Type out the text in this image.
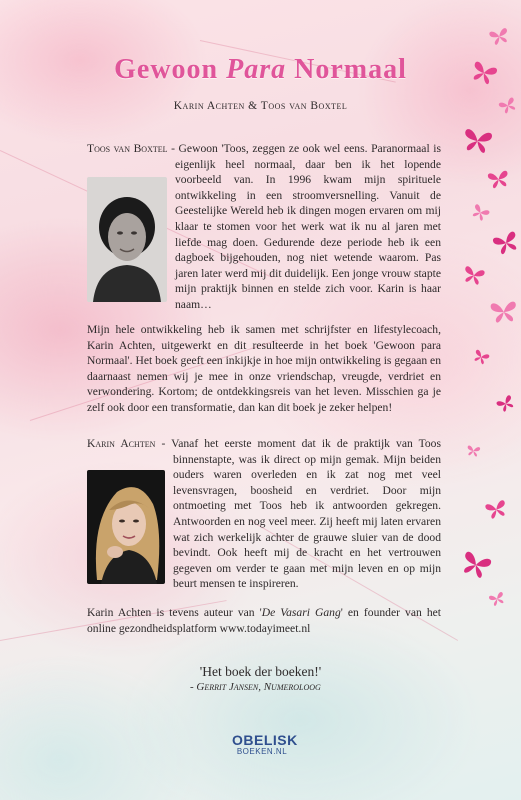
Gewoon Para Normaal
Karin Achten & Toos van Boxtel
Toos van Boxtel - Gewoon 'Toos, zeggen ze ook wel eens. Paranormaal is eigenlijk heel normaal, daar ben ik het lopende voorbeeld van. In 1996 kwam mijn spirituele ontwikkeling in een stroomversnelling. Vanuit de Geestelijke Wereld heb ik dingen mogen ervaren om mij klaar te stomen voor het werk wat ik nu al jaren met liefde mag doen. Gedurende deze periode heb ik een dagboek bijgehouden, nog niet wetende waarom. Pas jaren later werd mij dit duidelijk. Een jonge vrouw stapte mijn praktijk binnen en stelde zich voor. Karin is haar naam…
Mijn hele ontwikkeling heb ik samen met schrijfster en lifestylecoach, Karin Achten, uitgewerkt en dit resulteerde in het boek 'Gewoon para Normaal'. Het boek geeft een inkijkje in hoe mijn ontwikkeling is gegaan en daarnaast nemen wij je mee in onze vriendschap, vreugde, verdriet en verwondering. Kortom; de ontdekkingsreis van het leven. Misschien ga je zelf ook door een transformatie, dan kan dit boek je zeker helpen!
Karin Achten - Vanaf het eerste moment dat ik de praktijk van Toos binnenstapte, was ik direct op mijn gemak. Mijn beiden ouders waren overleden en ik zat nog met veel levensvragen, boosheid en verdriet. Door mijn ontmoeting met Toos heb ik antwoorden gekregen. Antwoorden en nog veel meer. Zij heeft mij laten ervaren wat zich werkelijk achter de grauwe sluier van de dood bevindt. Ook heeft mij de kracht en het vertrouwen gegeven om verder te gaan met mijn leven en op mijn beurt mensen te inspireren.
Karin Achten is tevens auteur van 'De Vasari Gang' en founder van het online gezondheidsplatform www.todayimeet.nl
'Het boek der boeken!'
- Gerrit Jansen, Numeroloog
OBELISK
BOEKEN.NL
